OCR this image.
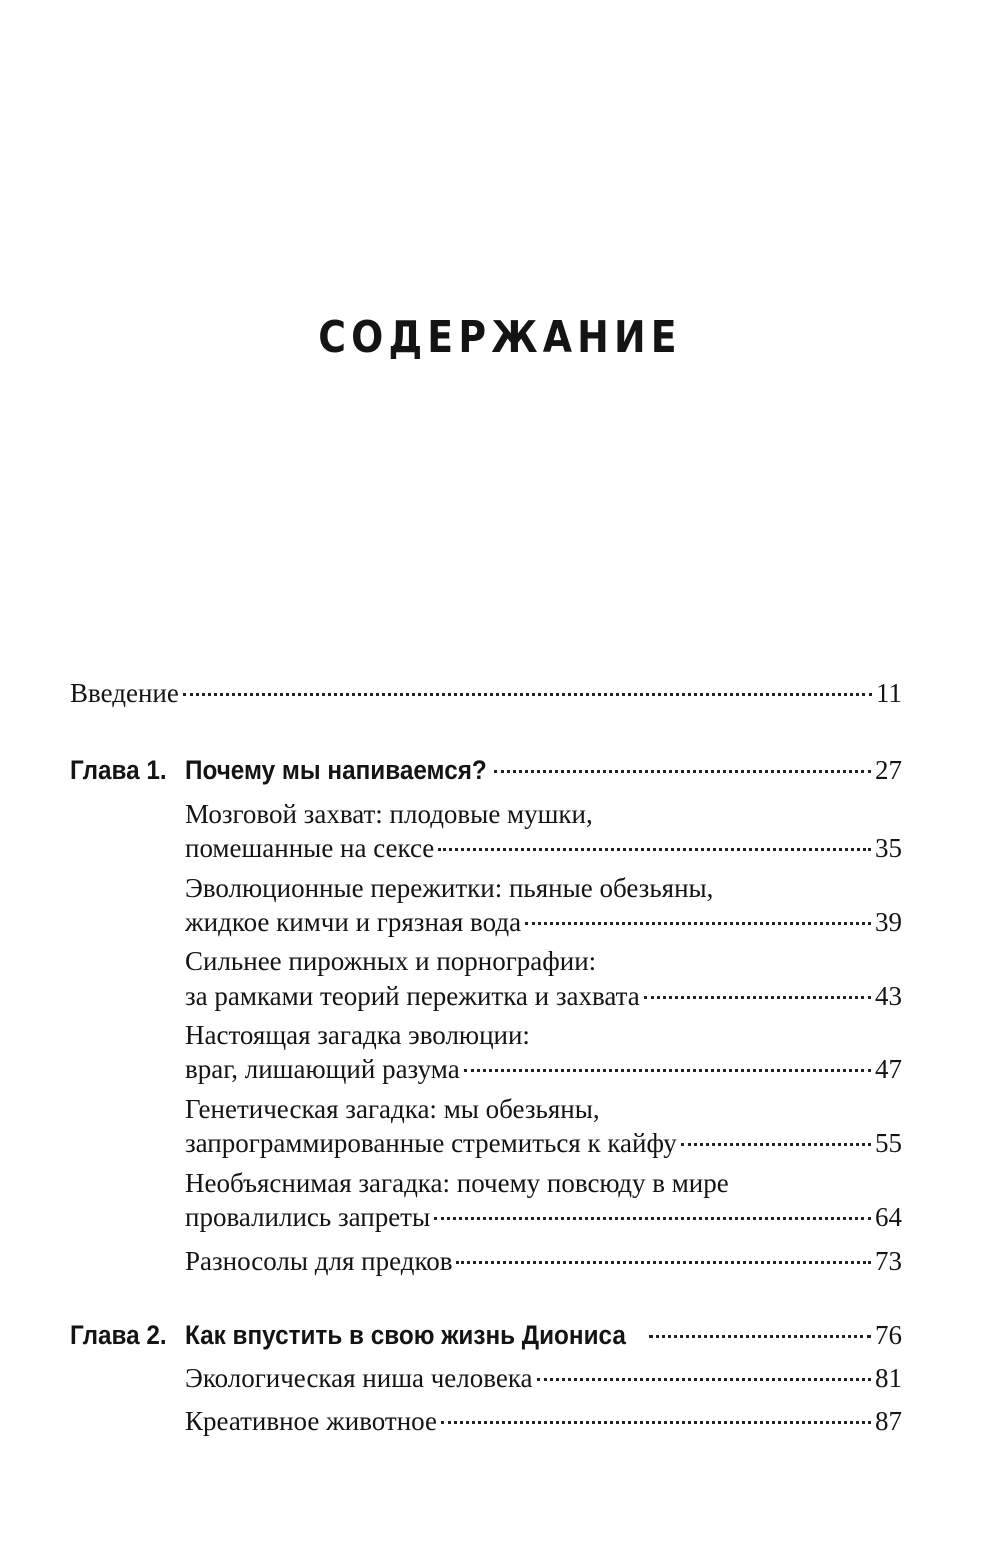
СОДЕРЖАНИЕ
Введение	11
Глава 1. Почему мы напиваемся?	27
Мозговой захват: плодовые мушки,
помешанные на сексе	35
Эволюционные пережитки: пьяные обезьяны,
жидкое кимчи и грязная вода	39
Сильнее пирожных и порнографии:
за рамками теорий пережитка и захвата	43
Настоящая загадка эволюции:
враг, лишающий разума	47
Генетическая загадка: мы обезьяны,
запрограммированные стремиться к кайфу	55
Необъяснимая загадка: почему повсюду в мире
провалились запреты	64
Разносолы для предков	73
Глава 2. Как впустить в свою жизнь Диониса	76
Экологическая ниша человека	81
Креативное животное	87
